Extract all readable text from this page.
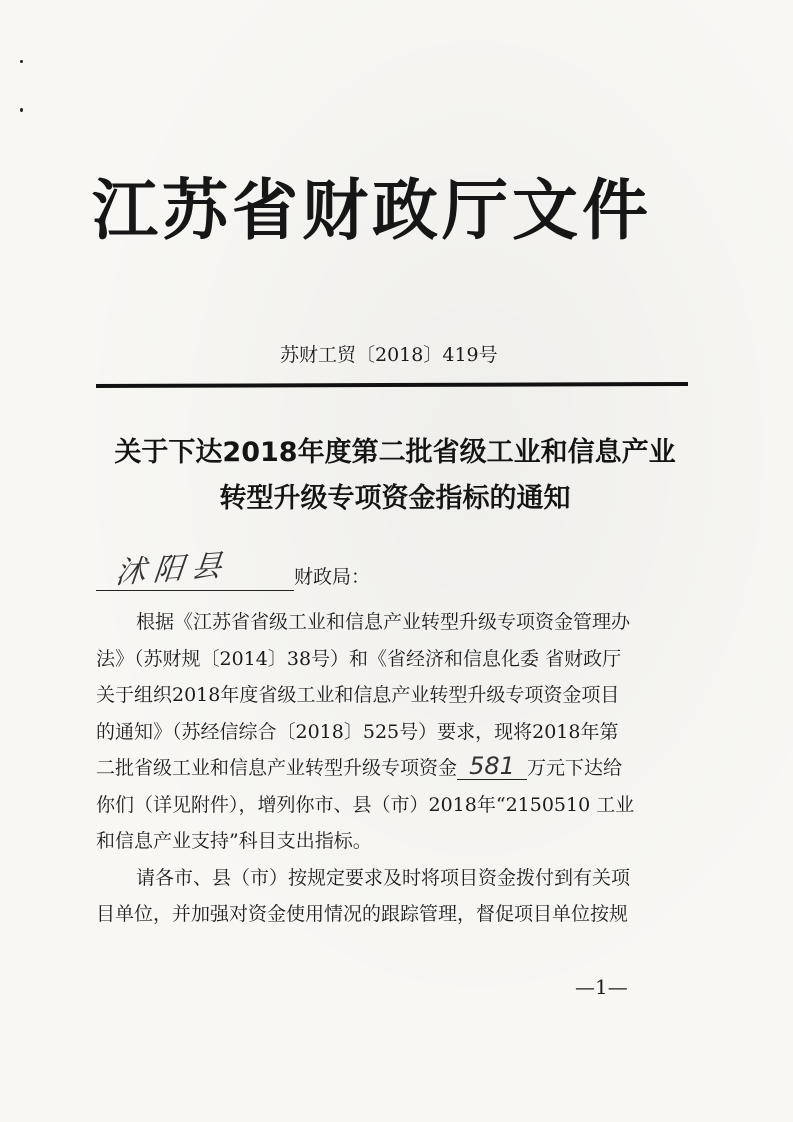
江苏省财政厅文件
苏财工贸〔2018〕419号
关于下达2018年度第二批省级工业和信息产业
转型升级专项资金指标的通知
沭阳县	财政局：
根据《江苏省省级工业和信息产业转型升级专项资金管理办
法》（苏财规〔2014〕38号）和《省经济和信息化委 省财政厅
关于组织2018年度省级工业和信息产业转型升级专项资金项目
的通知》（苏经信综合〔2018〕525号）要求，现将2018年第
二批省级工业和信息产业转型升级专项资金 581 万元下达给
你们（详见附件），增列你市、县（市）2018年“2150510 工业
和信息产业支持”科目支出指标。
请各市、县（市）按规定要求及时将项目资金拨付到有关项
目单位，并加强对资金使用情况的跟踪管理，督促项目单位按规
—1—
